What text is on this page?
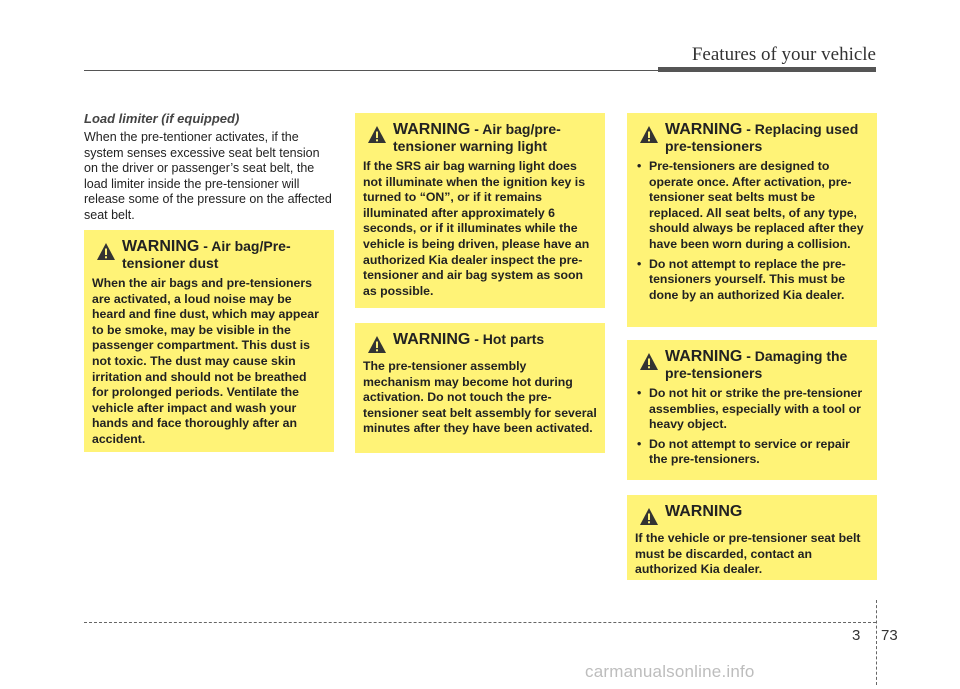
Features of your vehicle
Load limiter (if equipped)
When the pre-tentioner activates, if the system senses excessive seat belt tension on the driver or passenger’s seat belt, the load limiter inside the pre-tensioner will release some of the pressure on the affected seat belt.
WARNING - Air bag/Pre-tensioner dust
When the air bags and pre-tensioners are activated, a loud noise may be heard and fine dust, which may appear to be smoke, may be visible in the passenger compartment. This dust is not toxic. The dust may cause skin irritation and should not be breathed for prolonged periods. Ventilate the vehicle after impact and wash your hands and face thoroughly after an accident.
WARNING - Air bag/pre-tensioner warning light
If the SRS air bag warning light does not illuminate when the ignition key is turned to “ON”, or if it remains illuminated after approximately 6 seconds, or if it illuminates while the vehicle is being driven, please have an authorized Kia dealer inspect the pre-tensioner and air bag system as soon as possible.
WARNING - Hot parts
The pre-tensioner assembly mechanism may become hot during activation. Do not touch the pre-tensioner seat belt assembly for several minutes after they have been activated.
WARNING - Replacing used pre-tensioners
• Pre-tensioners are designed to operate once. After activation, pre-tensioner seat belts must be replaced. All seat belts, of any type, should always be replaced after they have been worn during a collision.
• Do not attempt to replace the pre-tensioners yourself. This must be done by an authorized Kia dealer.
WARNING - Damaging the pre-tensioners
• Do not hit or strike the pre-tensioner assemblies, especially with a tool or heavy object.
• Do not attempt to service or repair the pre-tensioners.
WARNING
If the vehicle or pre-tensioner seat belt must be discarded, contact an authorized Kia dealer.
3 73
carmanualsonline.info
